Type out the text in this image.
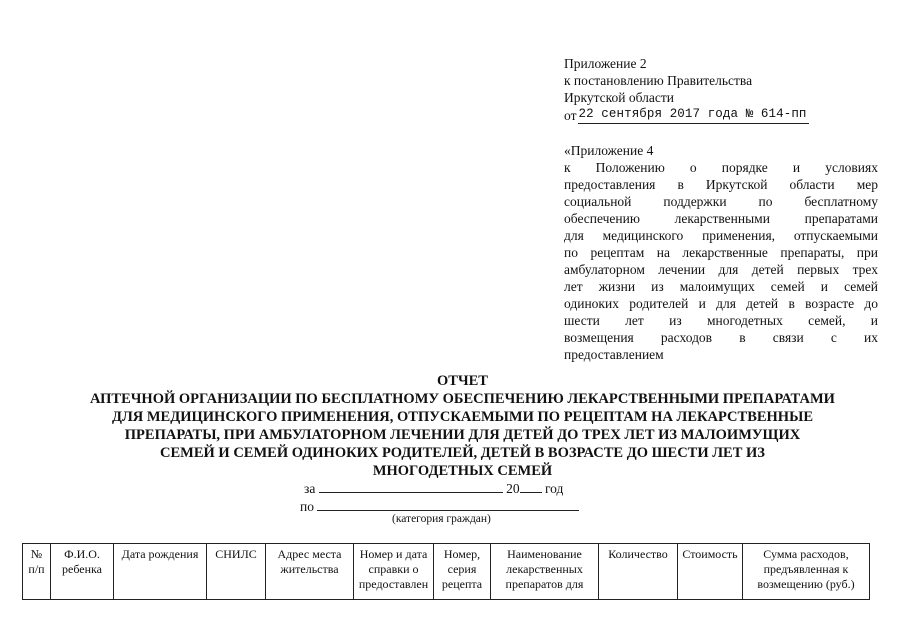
Приложение 2
к постановлению Правительства
Иркутской области
от 22 сентября 2017 года № 614-пп
«Приложение 4
к Положению о порядке и условиях
предоставления в Иркутской области мер
социальной поддержки по бесплатному
обеспечению лекарственными препаратами
для медицинского применения, отпускаемыми
по рецептам на лекарственные препараты, при
амбулаторном лечении для детей первых трех
лет жизни из малоимущих семей и семей
одиноких родителей и для детей в возрасте до
шести лет из многодетных семей, и
возмещения расходов в связи с их
предоставлением
ОТЧЕТ
АПТЕЧНОЙ ОРГАНИЗАЦИИ ПО БЕСПЛАТНОМУ ОБЕСПЕЧЕНИЮ ЛЕКАРСТВЕННЫМИ ПРЕПАРАТАМИ
ДЛЯ МЕДИЦИНСКОГО ПРИМЕНЕНИЯ, ОТПУСКАЕМЫМИ ПО РЕЦЕПТАМ НА ЛЕКАРСТВЕННЫЕ
ПРЕПАРАТЫ, ПРИ АМБУЛАТОРНОМ ЛЕЧЕНИИ ДЛЯ ДЕТЕЙ ДО ТРЕХ ЛЕТ ИЗ МАЛОИМУЩИХ
СЕМЕЙ И СЕМЕЙ ОДИНОКИХ РОДИТЕЛЕЙ, ДЕТЕЙ В ВОЗРАСТЕ ДО ШЕСТИ ЛЕТ ИЗ
МНОГОДЕТНЫХ СЕМЕЙ
за	20 год
по
(категория граждан)
№ п/п	Ф.И.О. ребенка	Дата рождения	СНИЛС	Адрес места жительства	Номер и дата справки о предоставлен	Номер, серия рецепта	Наименование лекарственных препаратов для	Количество	Стоимость	Сумма расходов, предъявленная к возмещению (руб.)
